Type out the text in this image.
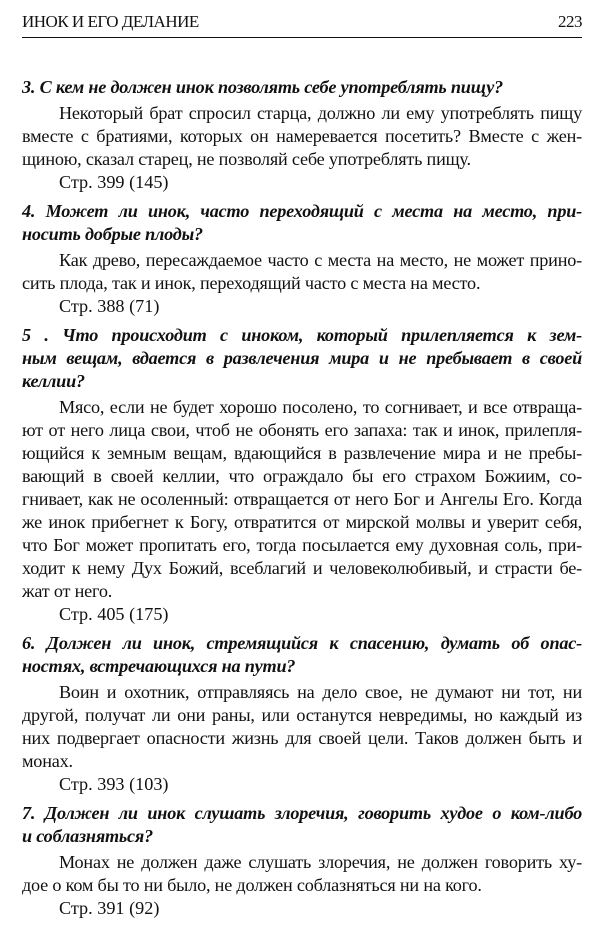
ИНОК И ЕГО ДЕЛАНИЕ	223
3. С кем не должен инок позволять себе употреблять пищу?
Некоторый брат спросил старца, должно ли ему употреблять пищу
вместе с братиями, которых он намеревается посетить? Вместе с жен-
щиною, сказал старец, не позволяй себе употреблять пищу.
Стр. 399 (145)
4. Может ли инок, часто переходящий с места на место, при-
носить добрые плоды?
Как древо, пересаждаемое часто с места на место, не может прино-
сить плода, так и инок, переходящий часто с места на место.
Стр. 388 (71)
5 . Что происходит с иноком, который прилепляется к зем-
ным вещам, вдается в развлечения мира и не пребывает в своей
келлии?
Мясо, если не будет хорошо посолено, то согнивает, и все отвраща-
ют от него лица свои, чтоб не обонять его запаха: так и инок, прилепля-
ющийся к земным вещам, вдающийся в развлечение мира и не пребы-
вающий в своей келлии, что ограждало бы его страхом Божиим, со-
гнивает, как не осоленный: отвращается от него Бог и Ангелы Его. Когда
же инок прибегнет к Богу, отвратится от мирской молвы и уверит себя,
что Бог может пропитать его, тогда посылается ему духовная соль, при-
ходит к нему Дух Божий, всеблагий и человеколюбивый, и страсти бе-
жат от него.
Стр. 405 (175)
6. Должен ли инок, стремящийся к спасению, думать об опас-
ностях, встречающихся на пути?
Воин и охотник, отправляясь на дело свое, не думают ни тот, ни
другой, получат ли они раны, или останутся невредимы, но каждый из
них подвергает опасности жизнь для своей цели. Таков должен быть и
монах.
Стр. 393 (103)
7. Должен ли инок слушать злоречия, говорить худое о ком-либо
и соблазняться?
Монах не должен даже слушать злоречия, не должен говорить ху-
дое о ком бы то ни было, не должен соблазняться ни на кого.
Стр. 391 (92)
